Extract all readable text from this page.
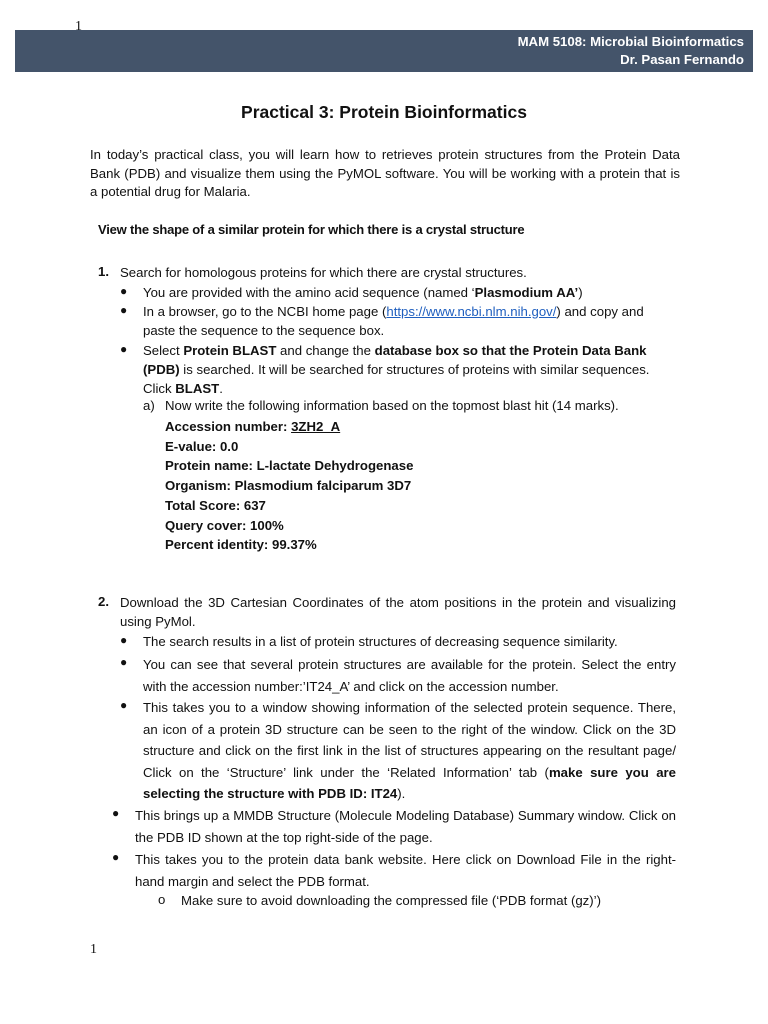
MAM 5108: Microbial Bioinformatics
Dr. Pasan Fernando
1
Practical 3: Protein Bioinformatics
In today’s practical class, you will learn how to retrieves protein structures from the Protein Data Bank (PDB) and visualize them using the PyMOL software. You will be working with a protein that is a potential drug for Malaria.
View the shape of a similar protein for which there is a crystal structure
1. Search for homologous proteins for which there are crystal structures.
● You are provided with the amino acid sequence (named ‘Plasmodium AA’)
● In a browser, go to the NCBI home page (https://www.ncbi.nlm.nih.gov/) and copy and paste the sequence to the sequence box.
● Select Protein BLAST and change the database box so that the Protein Data Bank (PDB) is searched. It will be searched for structures of proteins with similar sequences. Click BLAST.
a) Now write the following information based on the topmost blast hit (14 marks).
Accession number: 3ZH2_A
E-value: 0.0
Protein name: L-lactate Dehydrogenase
Organism: Plasmodium falciparum 3D7
Total Score: 637
Query cover: 100%
Percent identity: 99.37%
2. Download the 3D Cartesian Coordinates of the atom positions in the protein and visualizing using PyMol.
● The search results in a list of protein structures of decreasing sequence similarity.
● You can see that several protein structures are available for the protein. Select the entry with the accession number:’IT24_A’ and click on the accession number.
● This takes you to a window showing information of the selected protein sequence. There, an icon of a protein 3D structure can be seen to the right of the window. Click on the 3D structure and click on the first link in the list of structures appearing on the resultant page/ Click on the ‘Structure’ link under the ‘Related Information’ tab (make sure you are selecting the structure with PDB ID: IT24).
● This brings up a MMDB Structure (Molecule Modeling Database) Summary window. Click on the PDB ID shown at the top right-side of the page.
● This takes you to the protein data bank website. Here click on Download File in the right-hand margin and select the PDB format.
o Make sure to avoid downloading the compressed file (‘PDB format (gz)’)
1
